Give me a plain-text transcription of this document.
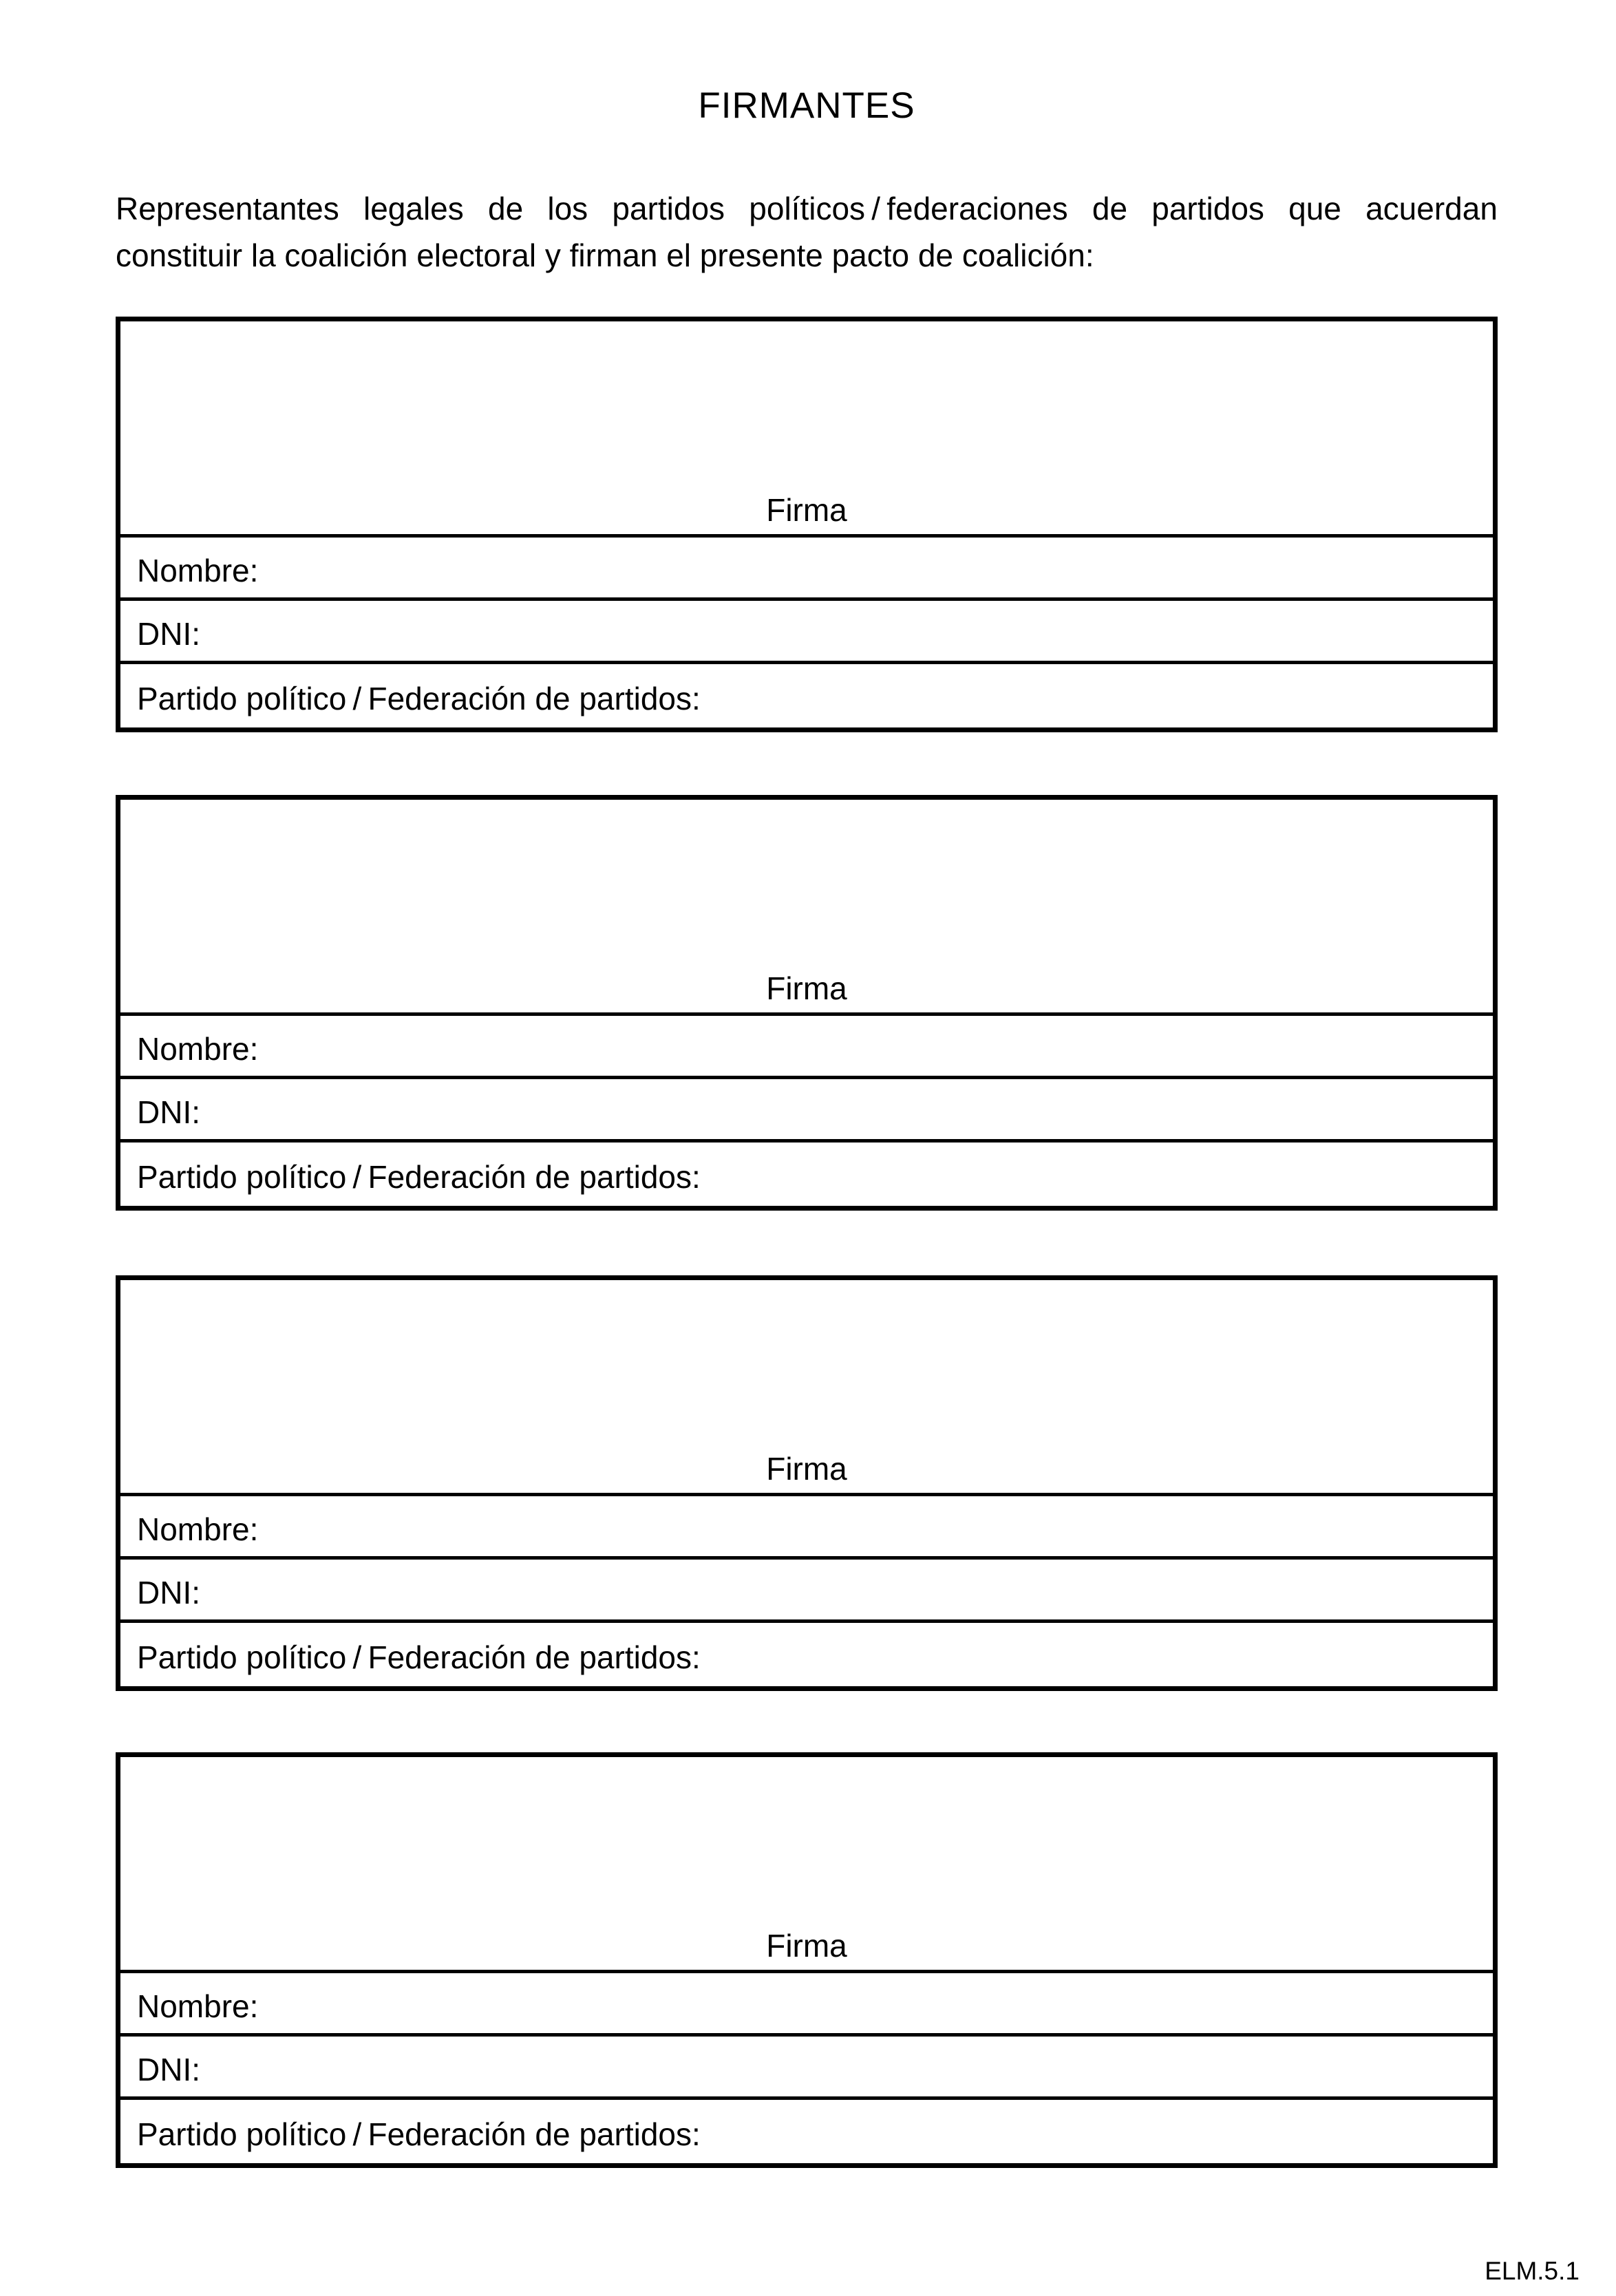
FIRMANTES
Representantes legales de los partidos políticos / federaciones de partidos que acuerdan
constituir la coalición electoral y firman el presente pacto de coalición:
Firma
Nombre:
DNI:
Partido político / Federación de partidos:
Firma
Nombre:
DNI:
Partido político / Federación de partidos:
Firma
Nombre:
DNI:
Partido político / Federación de partidos:
Firma
Nombre:
DNI:
Partido político / Federación de partidos:
ELM.5.1
